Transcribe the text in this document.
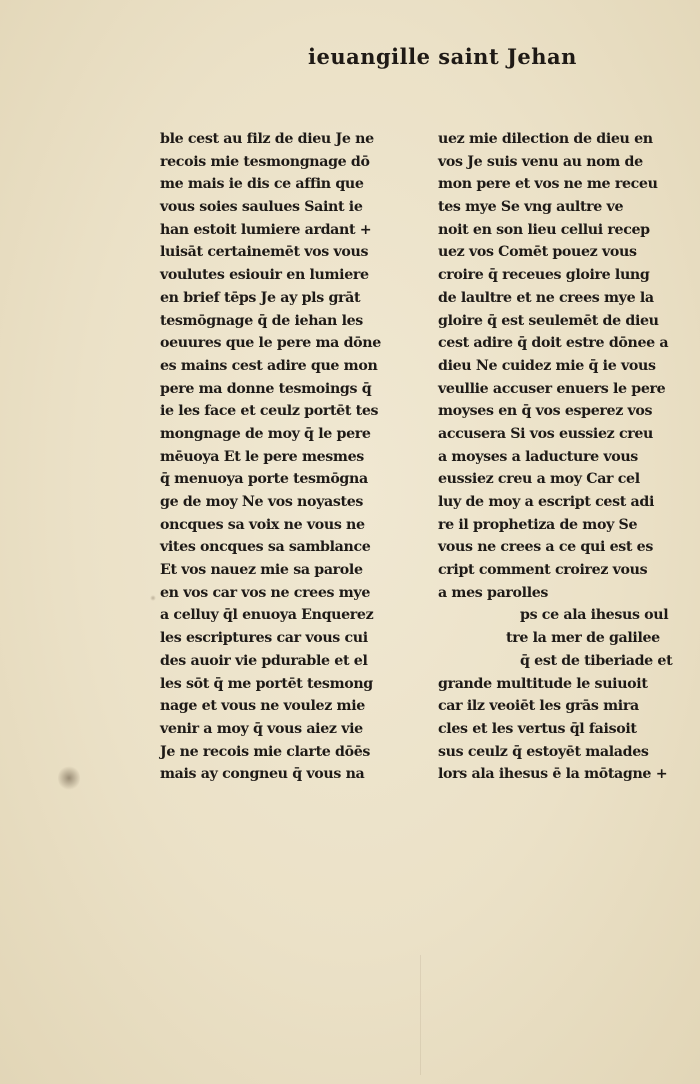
ieuangille saint Jehan
ble cest au filz de dieu Je ne
recois mie tesmongnage dō
me mais ie dis ce affin que
vous soies saulues Saint ie
han estoit lumiere ardant +
luisāt certainemēt vos vous
voulutes esiouir en lumiere
en brief tēps Je ay pls grāt
tesmōgnage q̄ de iehan les
oeuures que le pere ma dōne
es mains cest adire que mon
pere ma donne tesmoings q̄
ie les face et ceulz portēt tes
mongnage de moy q̄ le pere
mēuoya Et le pere mesmes
q̄ menuoya porte tesmōgna
ge de moy Ne vos noyastes
oncques sa voix ne vous ne
vites oncques sa samblance
Et vos nauez mie sa parole
en vos car vos ne crees mye
a celluy q̄l enuoya Enquerez
les escriptures car vous cui
des auoir vie pdurable et el
les sōt q̄ me portēt tesmong
nage et vous ne voulez mie
venir a moy q̄ vous aiez vie
Je ne recois mie clarte dōēs
mais ay congneu q̄ vous na
uez mie dilection de dieu en
vos Je suis venu au nom de
mon pere et vos ne me receu
tes mye Se vng aultre ve
noit en son lieu cellui recep
uez vos Comēt pouez vous
croire q̄ receues gloire lung
de laultre et ne crees mye la
gloire q̄ est seulemēt de dieu
cest adire q̄ doit estre dōnee a
dieu Ne cuidez mie q̄ ie vous
veullie accuser enuers le pere
moyses en q̄ vos esperez vos
accusera Si vos eussiez creu
a moyses a laducture vous
eussiez creu a moy Car cel
luy de moy a escript cest adi
re il prophetiza de moy Se
vous ne crees a ce qui est es
cript comment croirez vous
a mes parolles
ps ce ala ihesus oul
tre la mer de galilee
q̄ est de tiberiade et
grande multitude le suiuoit
car ilz veoiēt les grās mira
cles et les vertus q̄l faisoit
sus ceulz q̄ estoyēt malades
lors ala ihesus ē la mōtagne +
